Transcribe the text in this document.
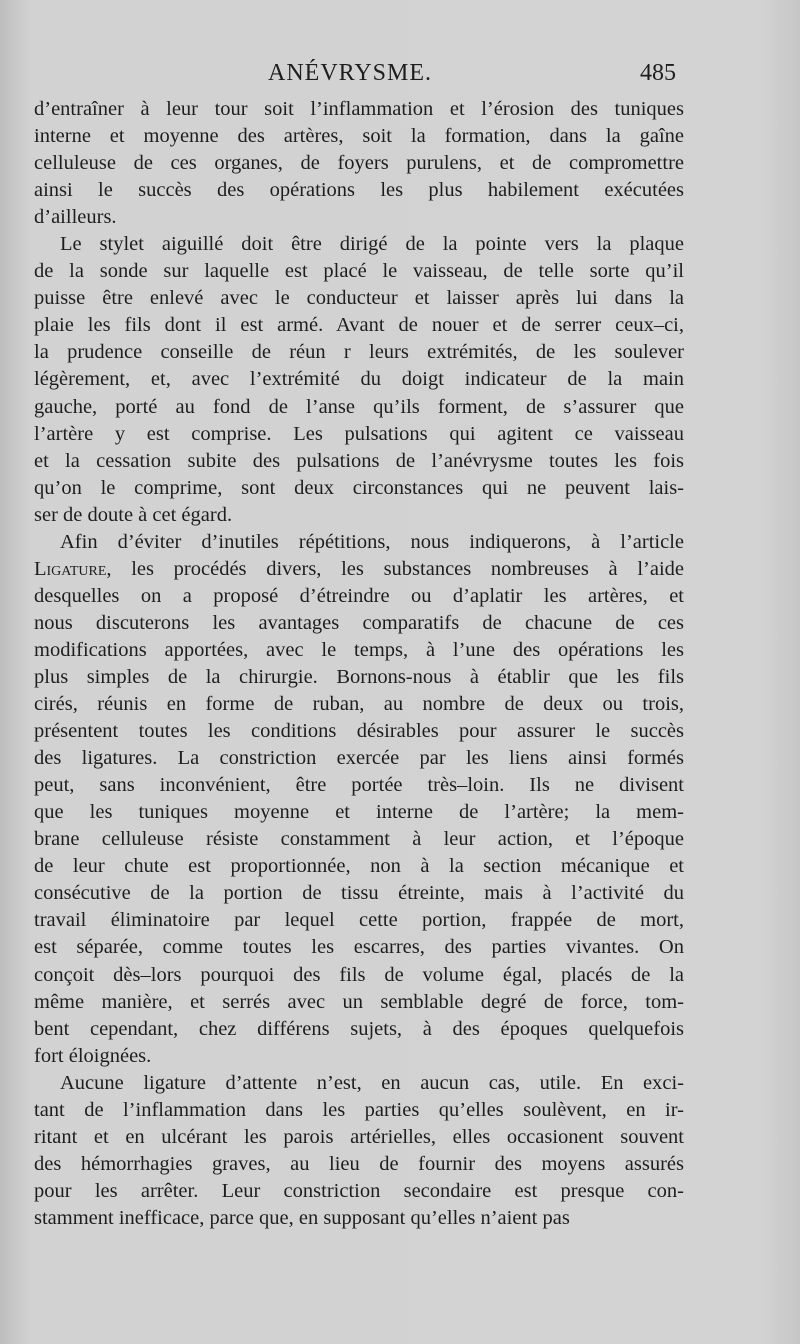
ANÉVRYSME.	485
d’entraîner à leur tour soit l’inflammation et l’érosion des tuniques
interne et moyenne des artères, soit la formation, dans la gaîne
celluleuse de ces organes, de foyers purulens, et de compromettre
ainsi le succès des opérations les plus habilement exécutées
d’ailleurs.
Le stylet aiguillé doit être dirigé de la pointe vers la plaque
de la sonde sur laquelle est placé le vaisseau, de telle sorte qu’il
puisse être enlevé avec le conducteur et laisser après lui dans la
plaie les fils dont il est armé. Avant de nouer et de serrer ceux–ci,
la prudence conseille de réun r leurs extrémités, de les soulever
légèrement, et, avec l’extrémité du doigt indicateur de la main
gauche, porté au fond de l’anse qu’ils forment, de s’assurer que
l’artère y est comprise. Les pulsations qui agitent ce vaisseau
et la cessation subite des pulsations de l’anévrysme toutes les fois
qu’on le comprime, sont deux circonstances qui ne peuvent lais-
ser de doute à cet égard.
Afin d’éviter d’inutiles répétitions, nous indiquerons, à l’article
Ligature, les procédés divers, les substances nombreuses à l’aide
desquelles on a proposé d’étreindre ou d’aplatir les artères, et
nous discuterons les avantages comparatifs de chacune de ces
modifications apportées, avec le temps, à l’une des opérations les
plus simples de la chirurgie. Bornons-nous à établir que les fils
cirés, réunis en forme de ruban, au nombre de deux ou trois,
présentent toutes les conditions désirables pour assurer le succès
des ligatures. La constriction exercée par les liens ainsi formés
peut, sans inconvénient, être portée très–loin. Ils ne divisent
que les tuniques moyenne et interne de l’artère; la mem-
brane celluleuse résiste constamment à leur action, et l’époque
de leur chute est proportionnée, non à la section mécanique et
consécutive de la portion de tissu étreinte, mais à l’activité du
travail éliminatoire par lequel cette portion, frappée de mort,
est séparée, comme toutes les escarres, des parties vivantes. On
conçoit dès–lors pourquoi des fils de volume égal, placés de la
même manière, et serrés avec un semblable degré de force, tom-
bent cependant, chez différens sujets, à des époques quelquefois
fort éloignées.
Aucune ligature d’attente n’est, en aucun cas, utile. En exci-
tant de l’inflammation dans les parties qu’elles soulèvent, en ir-
ritant et en ulcérant les parois artérielles, elles occasionent souvent
des hémorrhagies graves, au lieu de fournir des moyens assurés
pour les arrêter. Leur constriction secondaire est presque con-
stamment inefficace, parce que, en supposant qu’elles n’aient pas
